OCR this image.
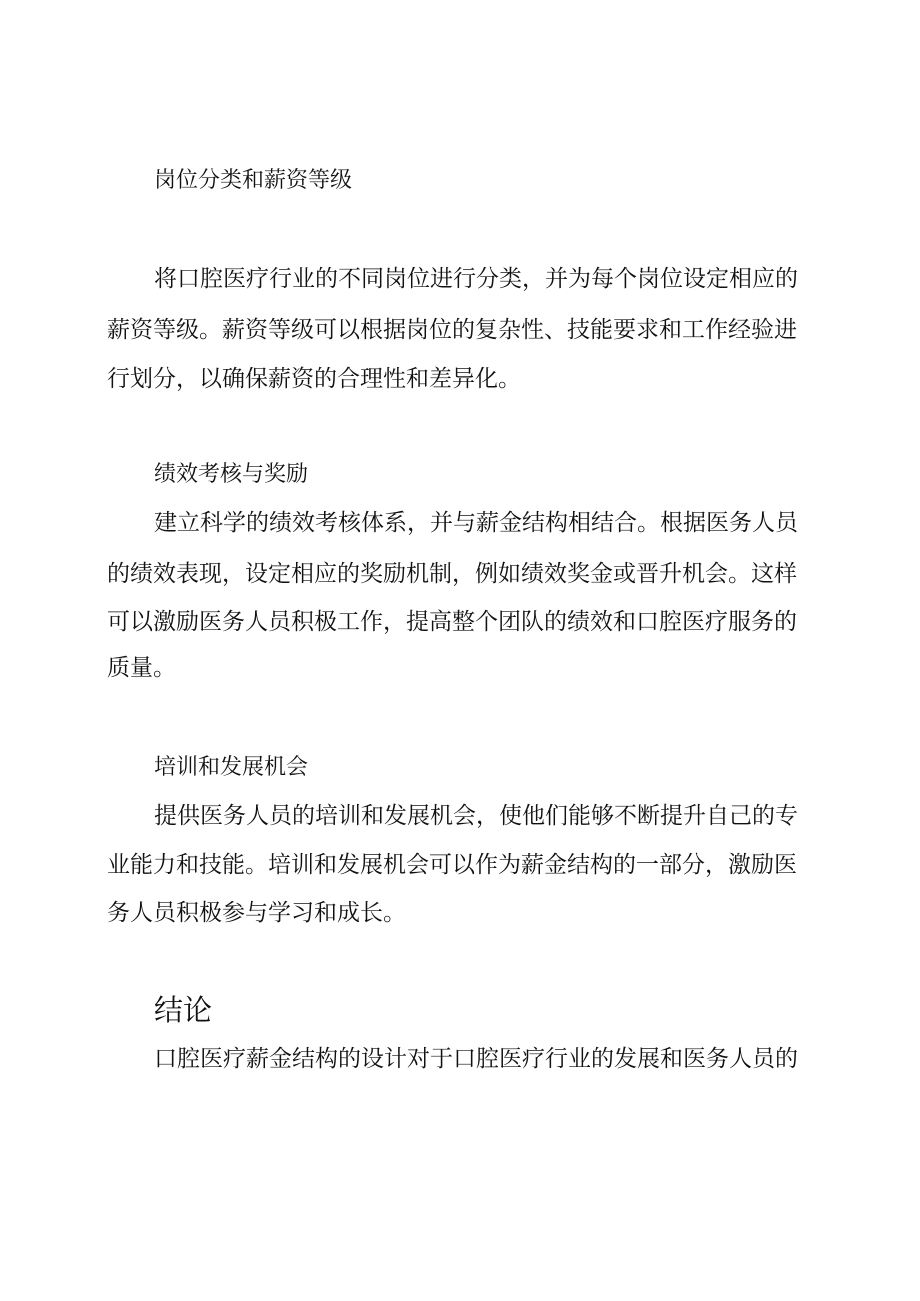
岗位分类和薪资等级

将口腔医疗行业的不同岗位进行分类，并为每个岗位设定相应的

薪资等级。薪资等级可以根据岗位的复杂性、技能要求和工作经验进

行划分，以确保薪资的合理性和差异化。

绩效考核与奖励

建立科学的绩效考核体系，并与薪金结构相结合。根据医务人员

的绩效表现，设定相应的奖励机制，例如绩效奖金或晋升机会。这样

可以激励医务人员积极工作，提高整个团队的绩效和口腔医疗服务的

质量。

培训和发展机会

提供医务人员的培训和发展机会，使他们能够不断提升自己的专

业能力和技能。培训和发展机会可以作为薪金结构的一部分，激励医

务人员积极参与学习和成长。

结论

口腔医疗薪金结构的设计对于口腔医疗行业的发展和医务人员的
